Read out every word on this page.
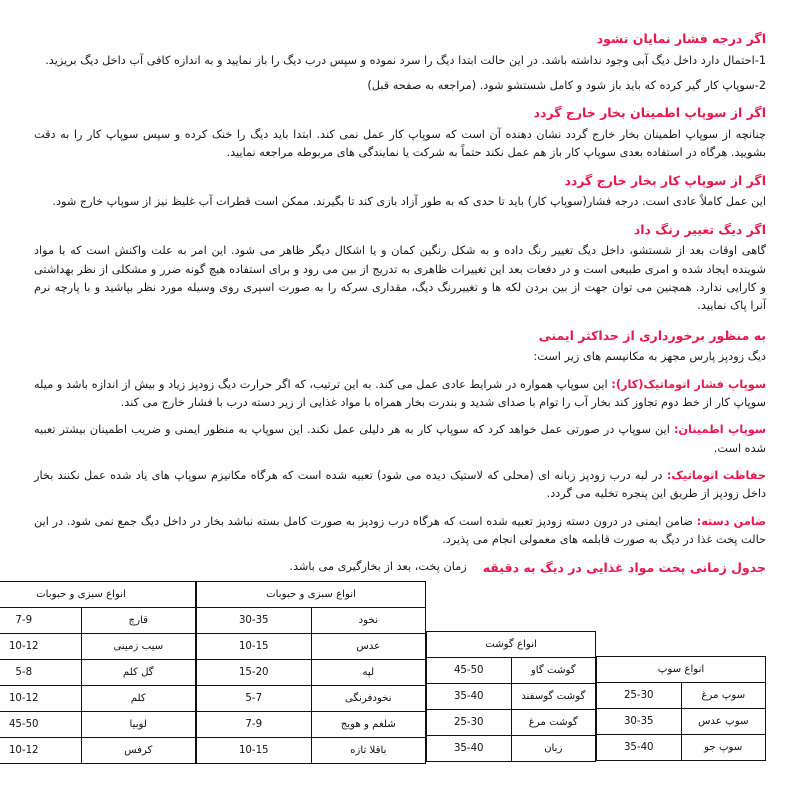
اگر درجه فشار نمایان نشود

1-احتمال دارد داخل دیگ آبی وجود نداشته باشد. در این حالت ابتدا دیگ را سرد نموده و سپس درب دیگ را باز نمایید و به اندازه کافی آب داخل دیگ بریزید.

2-سوپاپ کار گیر کرده که باید باز شود و کامل شستشو شود. (مراجعه به صفحه قبل)

اگر از سوپاپ اطمینان بخار خارج گردد

چنانچه از سوپاپ اطمینان بخار خارج گردد نشان دهنده آن است که سوپاپ کار عمل نمی کند. ابتدا باید دیگ را خنک کرده و سپس سوپاپ کار را به دقت بشویید. هرگاه در استفاده بعدی سوپاپ کار باز هم عمل نکند حتماً به شرکت یا نمایندگی های مربوطه مراجعه نمایید.

اگر از سوپاپ کار بخار خارج گردد

این عمل کاملاً عادی است. درجه فشار(سوپاپ کار) باید تا حدی که به طور آزاد بازی کند تا بگیرند. ممکن است قطرات آب غلیظ نیز از سوپاپ خارج شود.

اگر دیگ تغییر رنگ داد

گاهی اوقات بعد از شستشو، داخل دیگ تغییر رنگ داده و به شکل رنگین کمان و یا اشکال دیگر ظاهر می شود. این امر به علت واکنش است که با مواد شوینده ایجاد شده و امری طبیعی است و در دفعات بعد این تغییرات ظاهری به تدریج از بین می رود و برای استفاده هیچ گونه ضرر و مشکلی از نظر بهداشتی و کارایی ندارد. همچنین می توان جهت از بین بردن لکه ها و تغییررنگ دیگ، مقداری سرکه را به صورت اسپری روی وسیله مورد نظر بپاشید و با پارچه نرم آنرا پاک نمایید.

به منظور برخورداری از حداکثر ایمنی

دیگ زودپز پارس مجهز به مکانیسم های زیر است:

سوپاپ فشار اتوماتیک(کار): این سوپاپ همواره در شرایط عادی عمل می کند. به این ترتیب، که اگر حرارت دیگ زودپز زیاد و بیش از اندازه باشد و میله سوپاپ کار از خط دوم تجاوز کند بخار آب را توام با صدای شدید و بندرت بخار همراه با مواد غذایی از زیر دسته درب با فشار خارج می کند.

سوپاپ اطمینان: این سوپاپ در صورتی عمل خواهد کرد که سوپاپ کار به هر دلیلی عمل نکند. این سوپاپ به منظور ایمنی و ضریب اطمینان بیشتر تعبیه شده است.

حفاظت اتوماتیک: در لبه درب زودپز زبانه ای (محلی که لاستیک دیده می شود) تعبیه شده است که هرگاه مکانیزم سوپاپ های یاد شده عمل نکنند بخار داخل زودپز از طریق این پنجره تخلیه می گردد.

ضامن دسته: ضامن ایمنی در درون دسته زودپز تعبیه شده است که هرگاه درب زودپز به صورت کامل بسته نباشد بخار در داخل دیگ جمع نمی شود. در این حالت پخت غذا در دیگ به صورت قابلمه های معمولی انجام می پذیرد.

جدول زمانی پخت مواد غذایی در دیگ به دقیقه
زمان پخت، بعد از بخارگیری می باشد.
انواع سوپ	
سوپ مرغ	25-30
سوپ عدس	30-35
سوپ جو	35-40
انواع گوشت	
گوشت گاو	45-50
گوشت گوسفند	35-40
گوشت مرغ	25-30
زبان	35-40
انواع سبزی و حبوبات	
نخود	30-35
عدس	10-15
لپه	15-20
نخودفرنگی	5-7
شلغم و هویج	7-9
باقلا تازه	10-15
انواع سبزی و حبوبات	
قارچ	7-9
سیب زمینی	10-12
گل کلم	5-8
کلم	10-12
لوبیا	45-50
کرفس	10-12
